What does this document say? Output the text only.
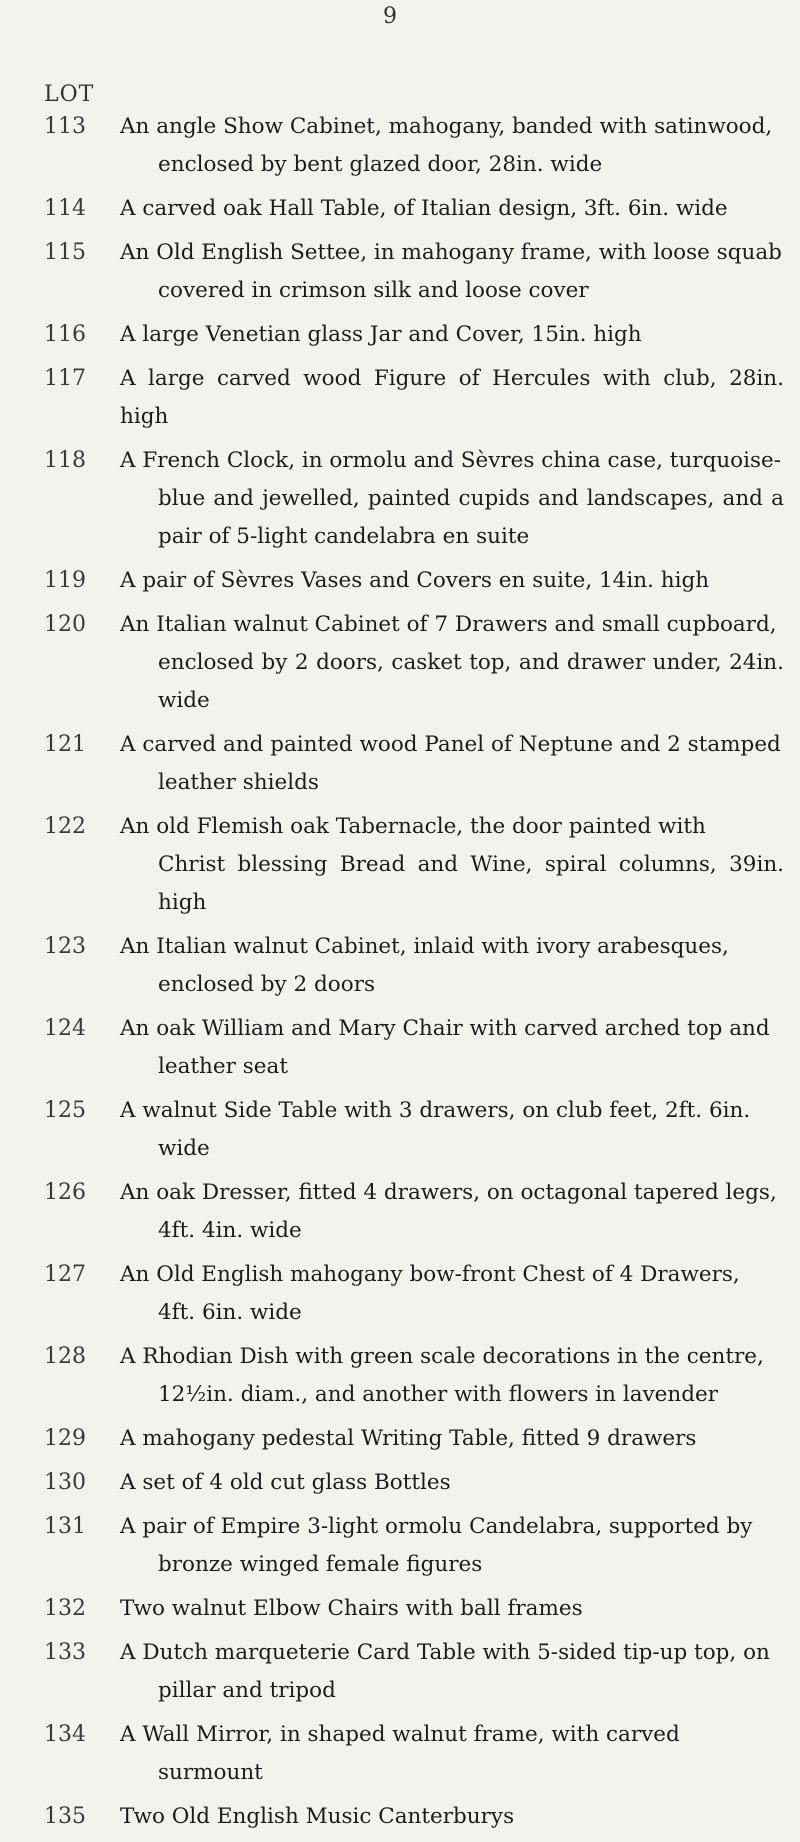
9
LOT
113	An angle Show Cabinet, mahogany, banded with satinwood,
enclosed by bent glazed door, 28in. wide
114	A carved oak Hall Table, of Italian design, 3ft. 6in. wide
115	An Old English Settee, in mahogany frame, with loose squab
covered in crimson silk and loose cover
116	A large Venetian glass Jar and Cover, 15in. high
117	A large carved wood Figure of Hercules with club, 28in. high
118	A French Clock, in ormolu and Sèvres china case, turquoise-
blue and jewelled, painted cupids and landscapes, and a pair of 5-light candelabra en suite
119	A pair of Sèvres Vases and Covers en suite, 14in. high
120	An Italian walnut Cabinet of 7 Drawers and small cupboard,
enclosed by 2 doors, casket top, and drawer under, 24in. wide
121	A carved and painted wood Panel of Neptune and 2 stamped
leather shields
122	An old Flemish oak Tabernacle, the door painted with
Christ blessing Bread and Wine, spiral columns, 39in. high
123	An Italian walnut Cabinet, inlaid with ivory arabesques,
enclosed by 2 doors
124	An oak William and Mary Chair with carved arched top and
leather seat
125	A walnut Side Table with 3 drawers, on club feet, 2ft. 6in.
wide
126	An oak Dresser, fitted 4 drawers, on octagonal tapered legs,
4ft. 4in. wide
127	An Old English mahogany bow-front Chest of 4 Drawers,
4ft. 6in. wide
128	A Rhodian Dish with green scale decorations in the centre,
12½in. diam., and another with flowers in lavender
129	A mahogany pedestal Writing Table, fitted 9 drawers
130	A set of 4 old cut glass Bottles
131	A pair of Empire 3-light ormolu Candelabra, supported by
bronze winged female figures
132	Two walnut Elbow Chairs with ball frames
133	A Dutch marqueterie Card Table with 5-sided tip-up top, on
pillar and tripod
134	A Wall Mirror, in shaped walnut frame, with carved
surmount
135	Two Old English Music Canterburys
